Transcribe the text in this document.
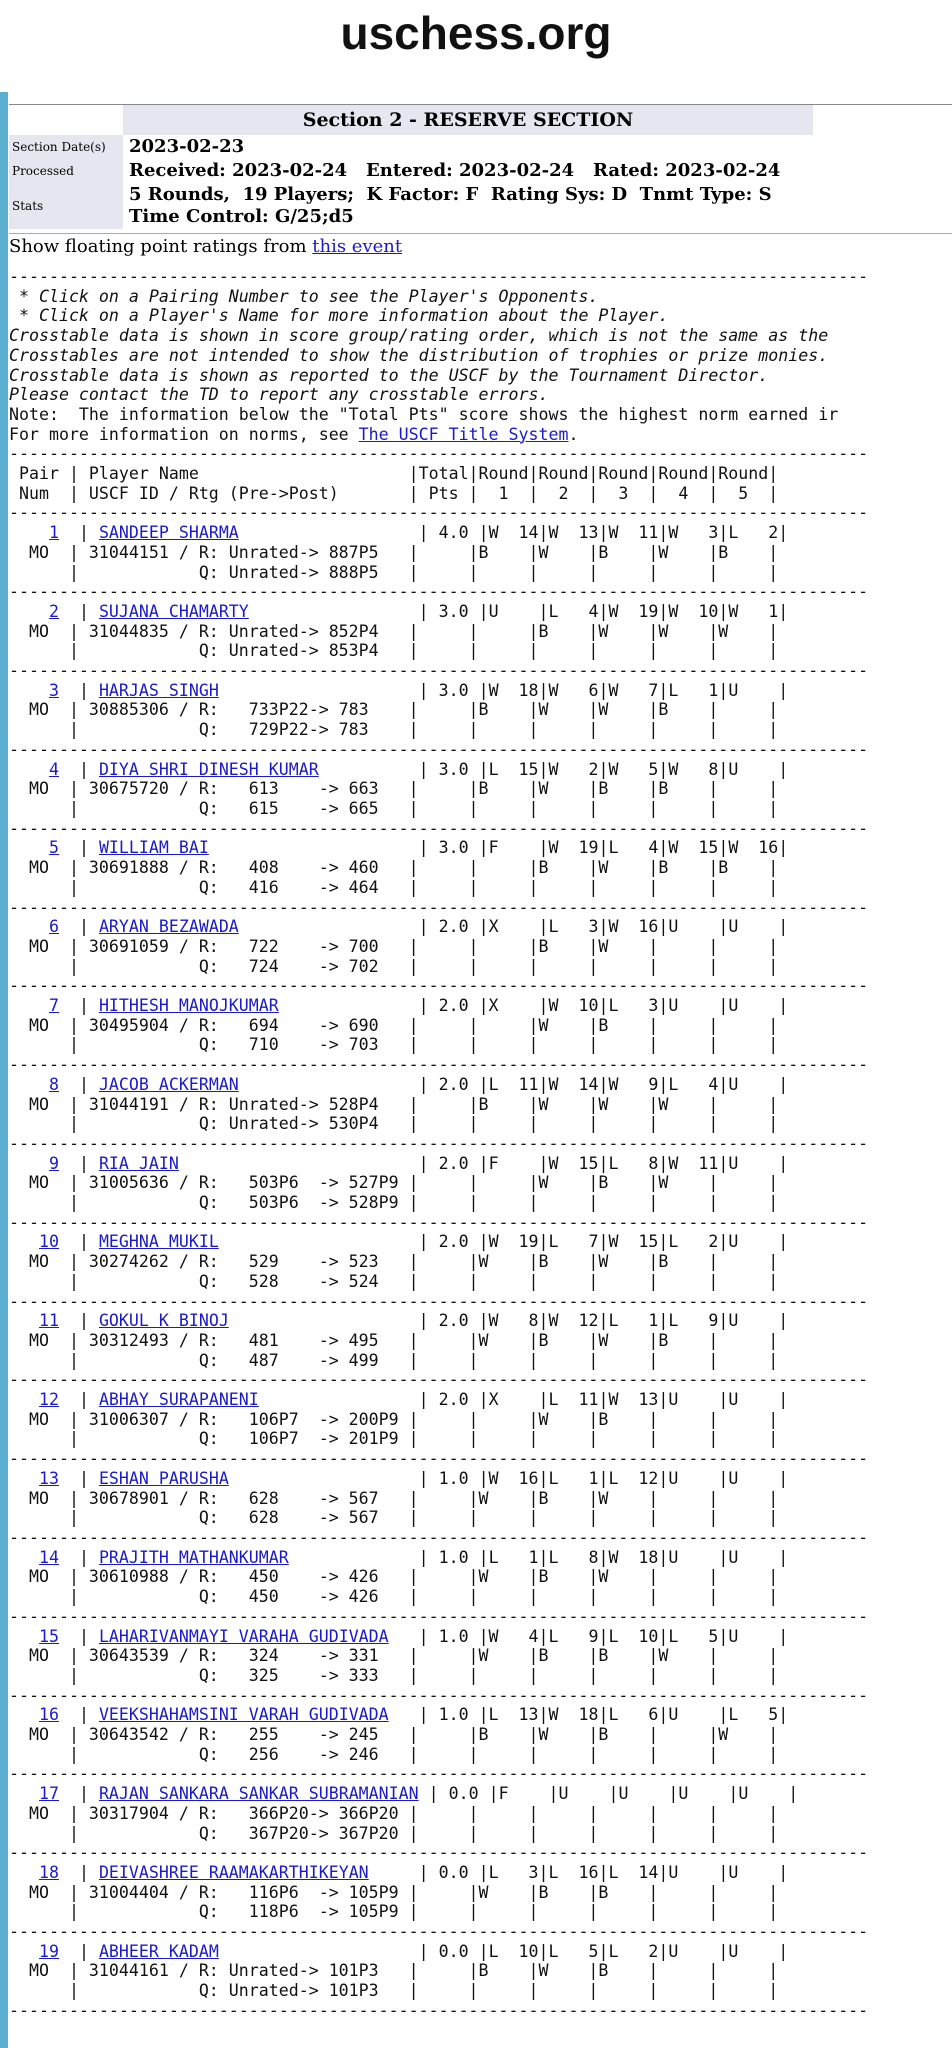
uschess.org
	Section 2 - RESERVE SECTION
Section Date(s)	2023-02-23
Processed	Received: 2023-02-24   Entered: 2023-02-24   Rated: 2023-02-24
Stats	5 Rounds,  19 Players;  K Factor: F  Rating Sys: D  Tnmt Type: S
Time Control: G/25;d5
Show floating point ratings from this event
--------------------------------------------------------------------------------------
* Click on a Pairing Number to see the Player's Opponents.
* Click on a Player's Name for more information about the Player.
Crosstable data is shown in score group/rating order, which is not the same as the
Crosstables are not intended to show the distribution of trophies or prize monies.
Crosstable data is shown as reported to the USCF by the Tournament Director.
Please contact the TD to report any crosstable errors.
Note:  The information below the "Total Pts" score shows the highest norm earned ir
For more information on norms, see The USCF Title System.
--------------------------------------------------------------------------------------
Pair | Player Name                     |Total|Round|Round|Round|Round|Round|
Num  | USCF ID / Rtg (Pre->Post)       | Pts |  1  |  2  |  3  |  4  |  5  |
--------------------------------------------------------------------------------------
1  | SANDEEP SHARMA	| 4.0 |W  14|W  13|W  11|W   3|L   2|
MO  | 31044151 / R: Unrated-> 887P5   |     |B    |W    |B    |W    |B    |
|            Q: Unrated-> 888P5   |     |     |     |     |     |     |
--------------------------------------------------------------------------------------
2  | SUJANA CHAMARTY	| 3.0 |U    |L   4|W  19|W  10|W   1|
MO  | 31044835 / R: Unrated-> 852P4   |     |     |B    |W    |W    |W    |
|            Q: Unrated-> 853P4   |     |     |     |     |     |     |
--------------------------------------------------------------------------------------
3  | HARJAS SINGH	| 3.0 |W  18|W   6|W   7|L   1|U    |
MO  | 30885306 / R:   733P22-> 783    |     |B    |W    |W    |B    |     |
|            Q:   729P22-> 783    |     |     |     |     |     |     |
--------------------------------------------------------------------------------------
4  | DIYA SHRI DINESH KUMAR	| 3.0 |L  15|W   2|W   5|W   8|U    |
MO  | 30675720 / R:   613    -> 663   |     |B    |W    |B    |B    |     |
|            Q:   615    -> 665   |     |     |     |     |     |     |
--------------------------------------------------------------------------------------
5  | WILLIAM BAI	| 3.0 |F    |W  19|L   4|W  15|W  16|
MO  | 30691888 / R:   408    -> 460   |     |     |B    |W    |B    |B    |
|            Q:   416    -> 464   |     |     |     |     |     |     |
--------------------------------------------------------------------------------------
6  | ARYAN BEZAWADA	| 2.0 |X    |L   3|W  16|U    |U    |
MO  | 30691059 / R:   722    -> 700   |     |     |B    |W    |     |     |
|            Q:   724    -> 702   |     |     |     |     |     |     |
--------------------------------------------------------------------------------------
7  | HITHESH MANOJKUMAR	| 2.0 |X    |W  10|L   3|U    |U    |
MO  | 30495904 / R:   694    -> 690   |     |     |W    |B    |     |     |
|            Q:   710    -> 703   |     |     |     |     |     |     |
--------------------------------------------------------------------------------------
8  | JACOB ACKERMAN	| 2.0 |L  11|W  14|W   9|L   4|U    |
MO  | 31044191 / R: Unrated-> 528P4   |     |B    |W    |W    |W    |     |
|            Q: Unrated-> 530P4   |     |     |     |     |     |     |
--------------------------------------------------------------------------------------
9  | RIA JAIN	| 2.0 |F    |W  15|L   8|W  11|U    |
MO  | 31005636 / R:   503P6  -> 527P9 |     |     |W    |B    |W    |     |
|            Q:   503P6  -> 528P9 |     |     |     |     |     |     |
--------------------------------------------------------------------------------------
10  | MEGHNA MUKIL	| 2.0 |W  19|L   7|W  15|L   2|U    |
MO  | 30274262 / R:   529    -> 523   |     |W    |B    |W    |B    |     |
|            Q:   528    -> 524   |     |     |     |     |     |     |
--------------------------------------------------------------------------------------
11  | GOKUL K BINOJ	| 2.0 |W   8|W  12|L   1|L   9|U    |
MO  | 30312493 / R:   481    -> 495   |     |W    |B    |W    |B    |     |
|            Q:   487    -> 499   |     |     |     |     |     |     |
--------------------------------------------------------------------------------------
12  | ABHAY SURAPANENI	| 2.0 |X    |L  11|W  13|U    |U    |
MO  | 31006307 / R:   106P7  -> 200P9 |     |     |W    |B    |     |     |
|            Q:   106P7  -> 201P9 |     |     |     |     |     |     |
--------------------------------------------------------------------------------------
13  | ESHAN PARUSHA	| 1.0 |W  16|L   1|L  12|U    |U    |
MO  | 30678901 / R:   628    -> 567   |     |W    |B    |W    |     |     |
|            Q:   628    -> 567   |     |     |     |     |     |     |
--------------------------------------------------------------------------------------
14  | PRAJITH MATHANKUMAR	| 1.0 |L   1|L   8|W  18|U    |U    |
MO  | 30610988 / R:   450    -> 426   |     |W    |B    |W    |     |     |
|            Q:   450    -> 426   |     |     |     |     |     |     |
--------------------------------------------------------------------------------------
15  | LAHARIVANMAYI VARAHA GUDIVADA   | 1.0 |W   4|L   9|L  10|L   5|U    |
MO  | 30643539 / R:   324    -> 331   |     |W    |B    |B    |W    |     |
|            Q:   325    -> 333   |     |     |     |     |     |     |
--------------------------------------------------------------------------------------
16  | VEEKSHAHAMSINI VARAH GUDIVADA   | 1.0 |L  13|W  18|L   6|U    |L   5|
MO  | 30643542 / R:   255    -> 245   |     |B    |W    |B    |     |W    |
|            Q:   256    -> 246   |     |     |     |     |     |     |
--------------------------------------------------------------------------------------
17  | RAJAN SANKARA SANKAR SUBRAMANIAN | 0.0 |F    |U    |U    |U    |U    |
MO  | 30317904 / R:   366P20-> 366P20 |     |     |     |     |     |     |
|            Q:   367P20-> 367P20 |     |     |     |     |     |     |
--------------------------------------------------------------------------------------
18  | DEIVASHREE RAAMAKARTHIKEYAN	| 0.0 |L   3|L  16|L  14|U    |U    |
MO  | 31004404 / R:   116P6  -> 105P9 |     |W    |B    |B    |     |     |
|            Q:   118P6  -> 105P9 |     |     |     |     |     |     |
--------------------------------------------------------------------------------------
19  | ABHEER KADAM	| 0.0 |L  10|L   5|L   2|U    |U    |
MO  | 31044161 / R: Unrated-> 101P3   |     |B    |W    |B    |     |     |
|            Q: Unrated-> 101P3   |     |     |     |     |     |     |
--------------------------------------------------------------------------------------
